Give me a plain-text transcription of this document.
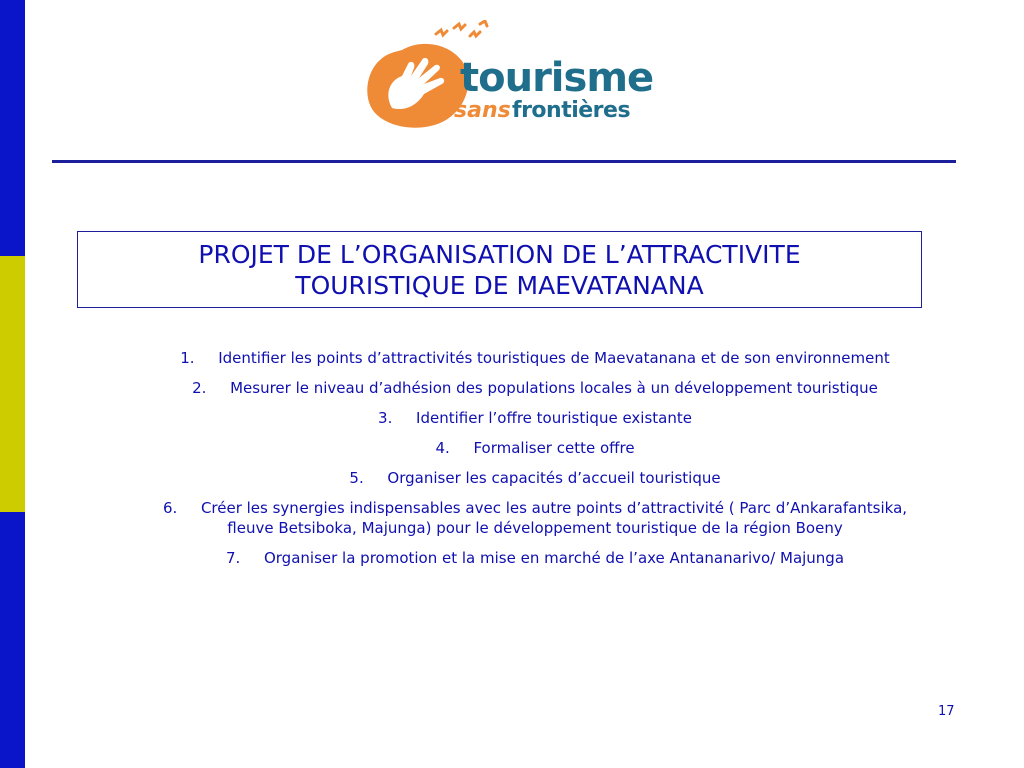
tourisme
sans frontières
PROJET DE L’ORGANISATION DE L’ATTRACTIVITE
TOURISTIQUE DE MAEVATANANA
1. Identifier les points d’attractivités touristiques de Maevatanana et de son environnement
2. Mesurer le niveau d’adhésion des populations locales à un développement touristique
3. Identifier l’offre touristique existante
4. Formaliser cette offre
5. Organiser les capacités d’accueil touristique
6. Créer les synergies indispensables avec les autre points d’attractivité ( Parc d’Ankarafantsika,
fleuve Betsiboka, Majunga) pour le développement touristique de la région Boeny
7. Organiser la promotion et la mise en marché de l’axe Antananarivo/ Majunga
17
